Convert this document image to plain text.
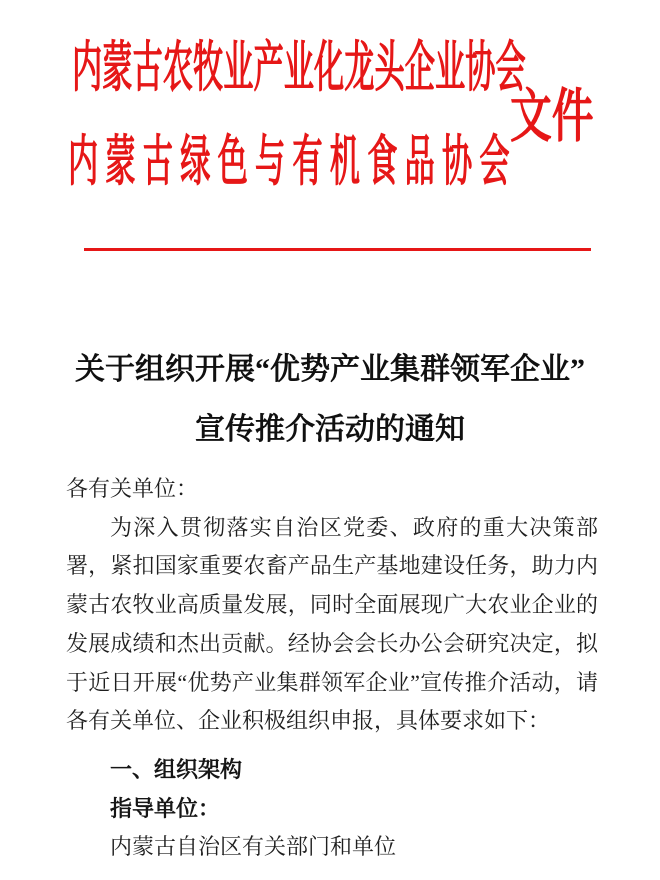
内蒙古农牧业产业化龙头企业协会
内蒙古绿色与有机食品协会
文件
关于组织开展“优势产业集群领军企业”
宣传推介活动的通知
各有关单位：
为深入贯彻落实自治区党委、政府的重大决策部署，紧扣国家重要农畜产品生产基地建设任务，助力内蒙古农牧业高质量发展，同时全面展现广大农业企业的发展成绩和杰出贡献。经协会会长办公会研究决定，拟于近日开展“优势产业集群领军企业”宣传推介活动，请各有关单位、企业积极组织申报，具体要求如下：
一、组织架构
指导单位：
内蒙古自治区有关部门和单位
